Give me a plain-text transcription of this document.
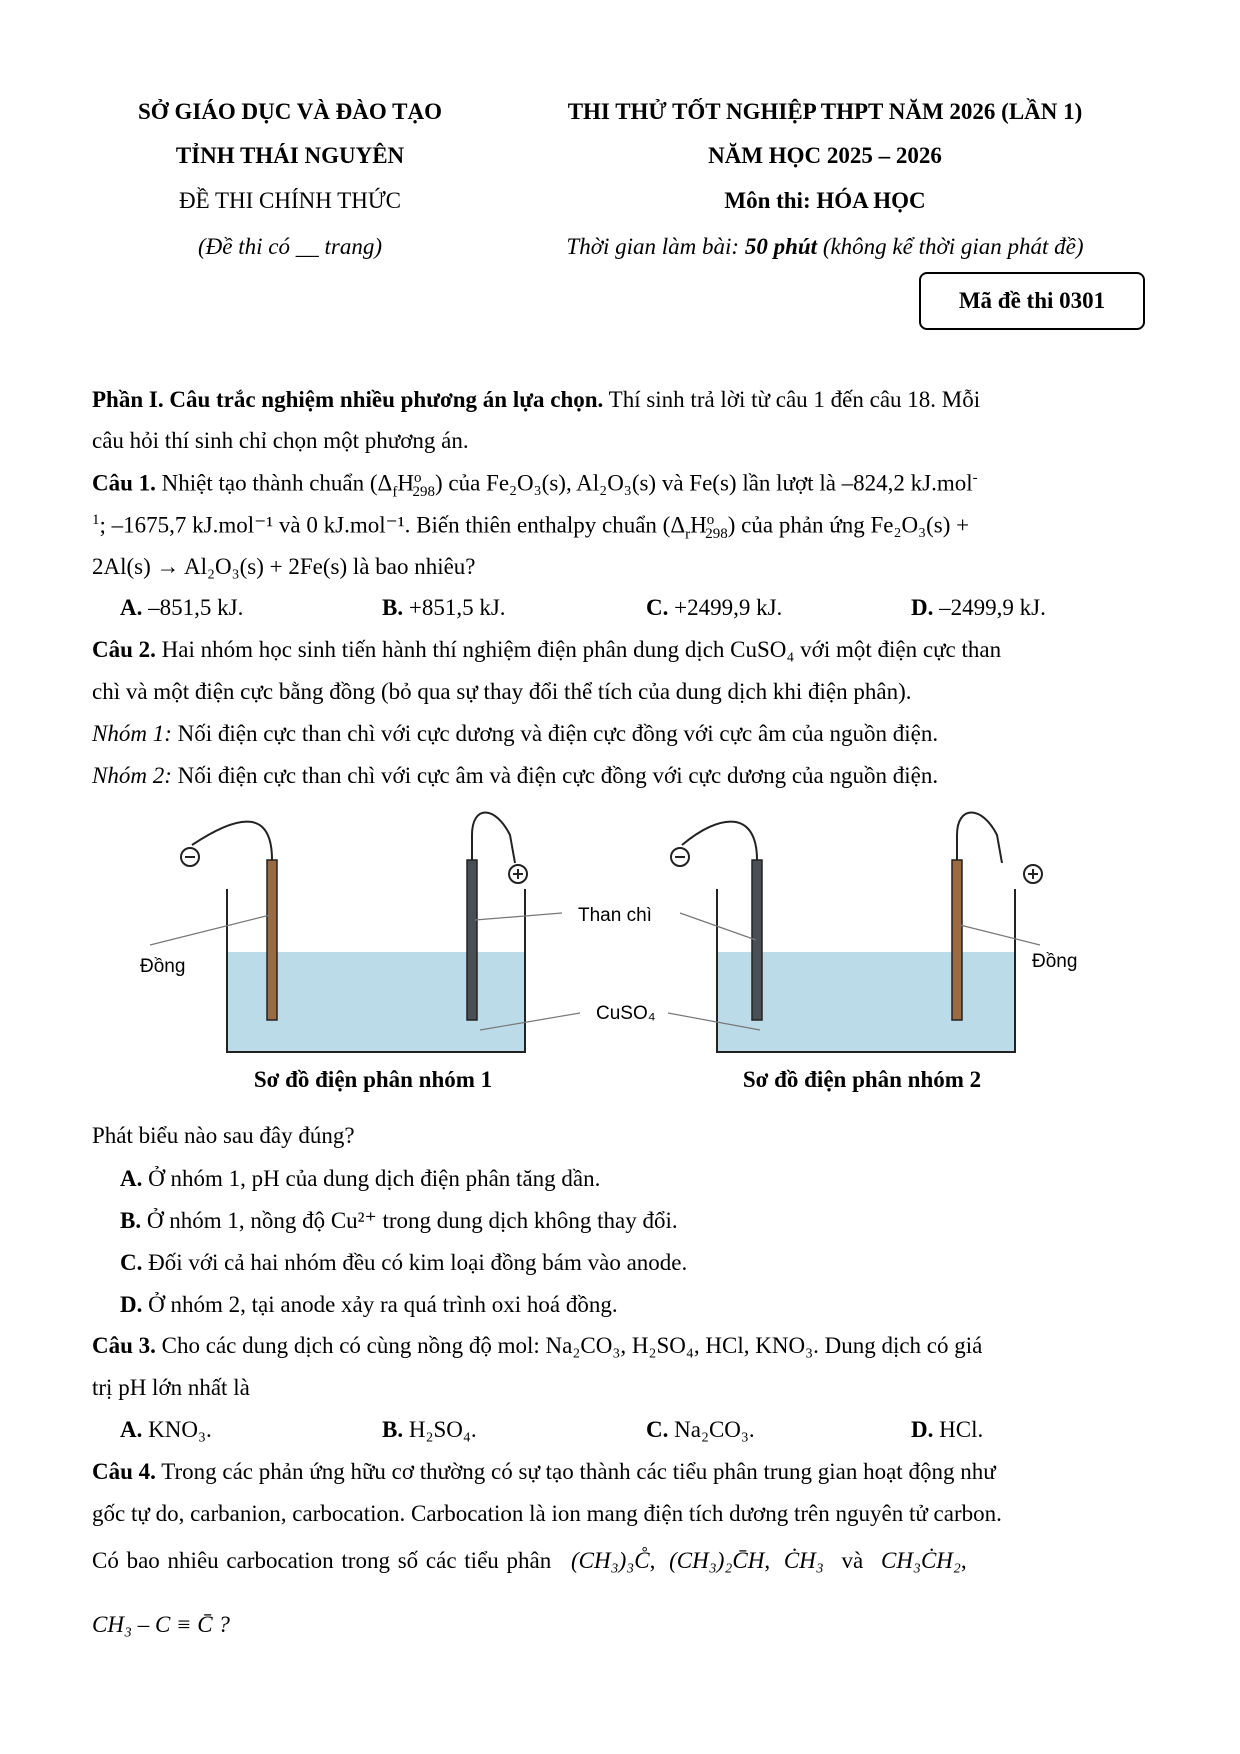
SỞ GIÁO DỤC VÀ ĐÀO TẠO
TỈNH THÁI NGUYÊN
ĐỀ THI CHÍNH THỨC
(Đề thi có __ trang)
THI THỬ TỐT NGHIỆP THPT NĂM 2026 (LẦN 1)
NĂM HỌC 2025 – 2026
Môn thi: HÓA HỌC
Thời gian làm bài: 50 phút (không kể thời gian phát đề)
Mã đề thi 0301
Phần I. Câu trắc nghiệm nhiều phương án lựa chọn. Thí sinh trả lời từ câu 1 đến câu 18. Mỗi
câu hỏi thí sinh chỉ chọn một phương án.
Câu 1. Nhiệt tạo thành chuẩn $(\Delta_fH^o_{298})$ của Fe₂O₃(s), Al₂O₃(s) và Fe(s) lần lượt là –824,2 kJ.mol-
$^1$; –1675,7 kJ.mol⁻¹ và 0 kJ.mol⁻¹. Biến thiên enthalpy chuẩn $(\Delta_rH^o_{298})$ của phản ứng Fe₂O₃(s) +
2Al(s) → Al₂O₃(s) + 2Fe(s) là bao nhiêu?
A. –851,5 kJ.	B. +851,5 kJ.	C. +2499,9 kJ.	D. –2499,9 kJ.
Câu 2. Hai nhóm học sinh tiến hành thí nghiệm điện phân dung dịch CuSO₄ với một điện cực than
chì và một điện cực bằng đồng (bỏ qua sự thay đổi thể tích của dung dịch khi điện phân).
Nhóm 1: Nối điện cực than chì với cực dương và điện cực đồng với cực âm của nguồn điện.
Nhóm 2: Nối điện cực than chì với cực âm và điện cực đồng với cực dương của nguồn điện.
Đồng
Than chì
CuSO₄
Đồng
Sơ đồ điện phân nhóm 1	Sơ đồ điện phân nhóm 2
Phát biểu nào sau đây đúng?
A. Ở nhóm 1, pH của dung dịch điện phân tăng dần.
B. Ở nhóm 1, nồng độ Cu²⁺ trong dung dịch không thay đổi.
C. Đối với cả hai nhóm đều có kim loại đồng bám vào anode.
D. Ở nhóm 2, tại anode xảy ra quá trình oxi hoá đồng.
Câu 3. Cho các dung dịch có cùng nồng độ mol: Na₂CO₃, H₂SO₄, HCl, KNO₃. Dung dịch có giá
trị pH lớn nhất là
A. KNO₃.	B. H₂SO₄.	C. Na₂CO₃.	D. HCl.
Câu 4. Trong các phản ứng hữu cơ thường có sự tạo thành các tiểu phân trung gian hoạt động như
gốc tự do, carbanion, carbocation. Carbocation là ion mang điện tích dương trên nguyên tử carbon.
Có bao nhiêu carbocation trong số các tiểu phân (CH₃)₃C̊, (CH₃)₂C̄H, ĊH₃ và CH₃ĊH₂,
CH₃ – C ≡ C̄ ?
